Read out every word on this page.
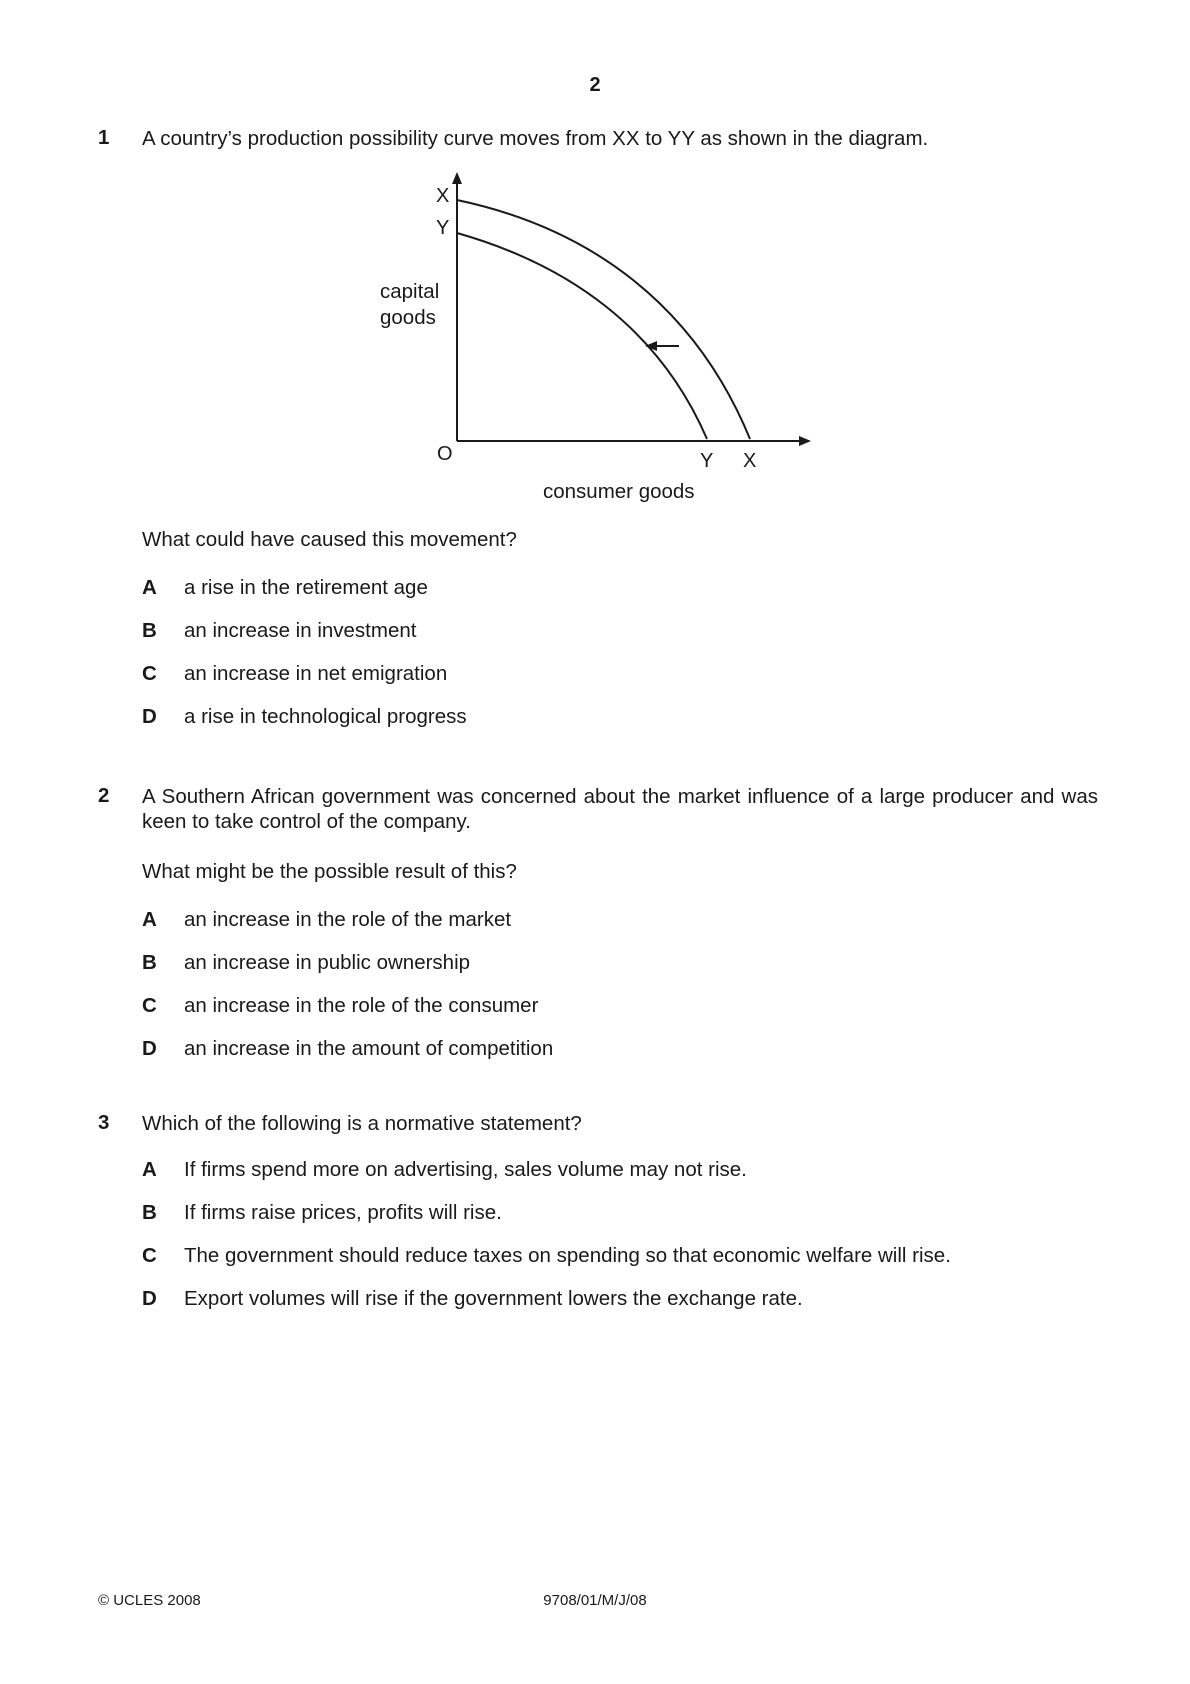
2
1 A country’s production possibility curve moves from XX to YY as shown in the diagram.
X
Y
capital
goods
O	Y X
consumer goods
What could have caused this movement?
A a rise in the retirement age
B an increase in investment
C an increase in net emigration
D a rise in technological progress
2 A Southern African government was concerned about the market influence of a large producer and was keen to take control of the company.
What might be the possible result of this?
A an increase in the role of the market
B an increase in public ownership
C an increase in the role of the consumer
D an increase in the amount of competition
3 Which of the following is a normative statement?
A If firms spend more on advertising, sales volume may not rise.
B If firms raise prices, profits will rise.
C The government should reduce taxes on spending so that economic welfare will rise.
D Export volumes will rise if the government lowers the exchange rate.
© UCLES 2008	9708/01/M/J/08
